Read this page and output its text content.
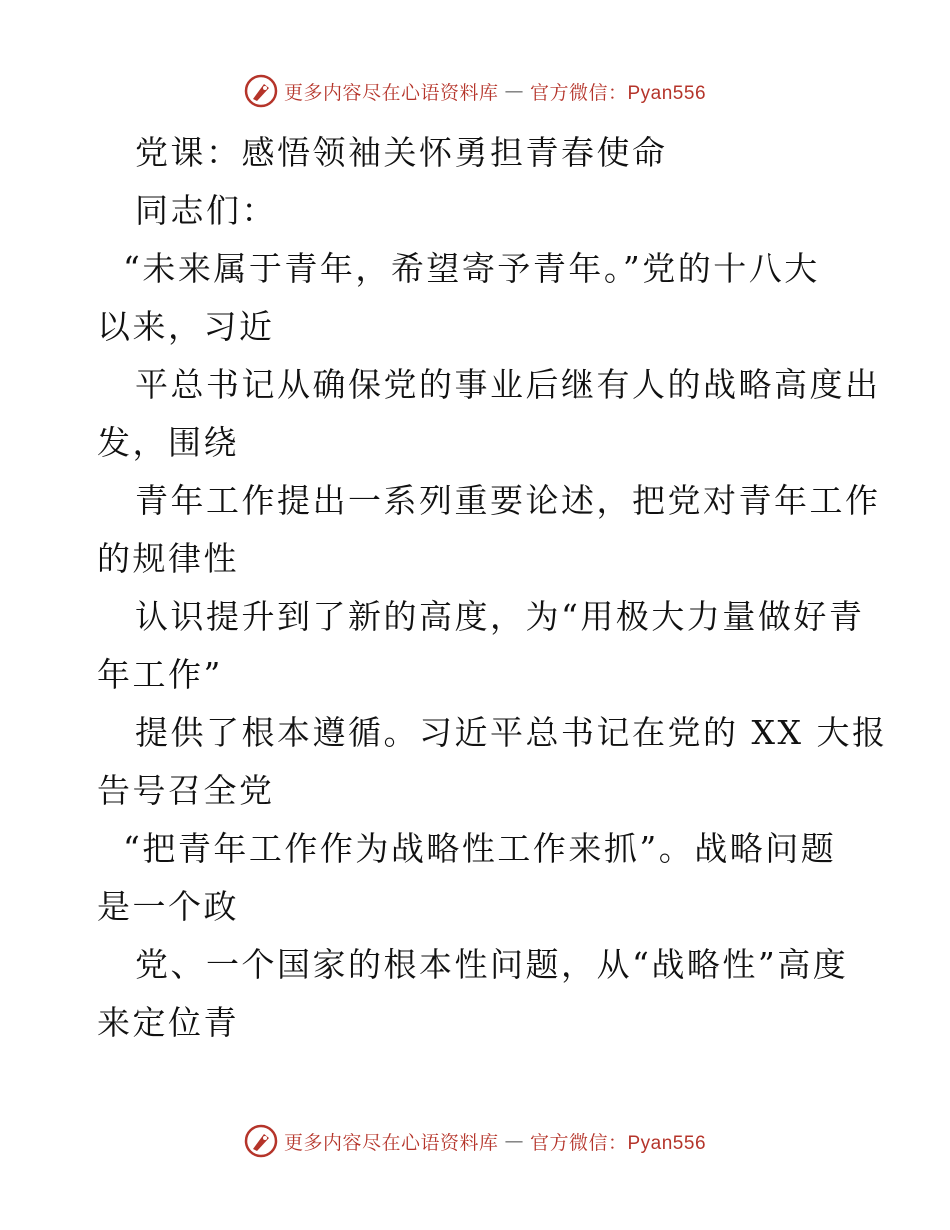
更多内容尽在心语资料库 — 官方微信：Pyan556
党课：感悟领袖关怀勇担青春使命
同志们：
“未来属于青年，希望寄予青年。”党的十八大
以来，习近
平总书记从确保党的事业后继有人的战略高度出
发，围绕
青年工作提出一系列重要论述，把党对青年工作
的规律性
认识提升到了新的高度，为“用极大力量做好青
年工作”
提供了根本遵循。习近平总书记在党的 XX 大报
告号召全党
“把青年工作作为战略性工作来抓”。战略问题
是一个政
党、一个国家的根本性问题，从“战略性”高度
来定位青
更多内容尽在心语资料库 — 官方微信：Pyan556
